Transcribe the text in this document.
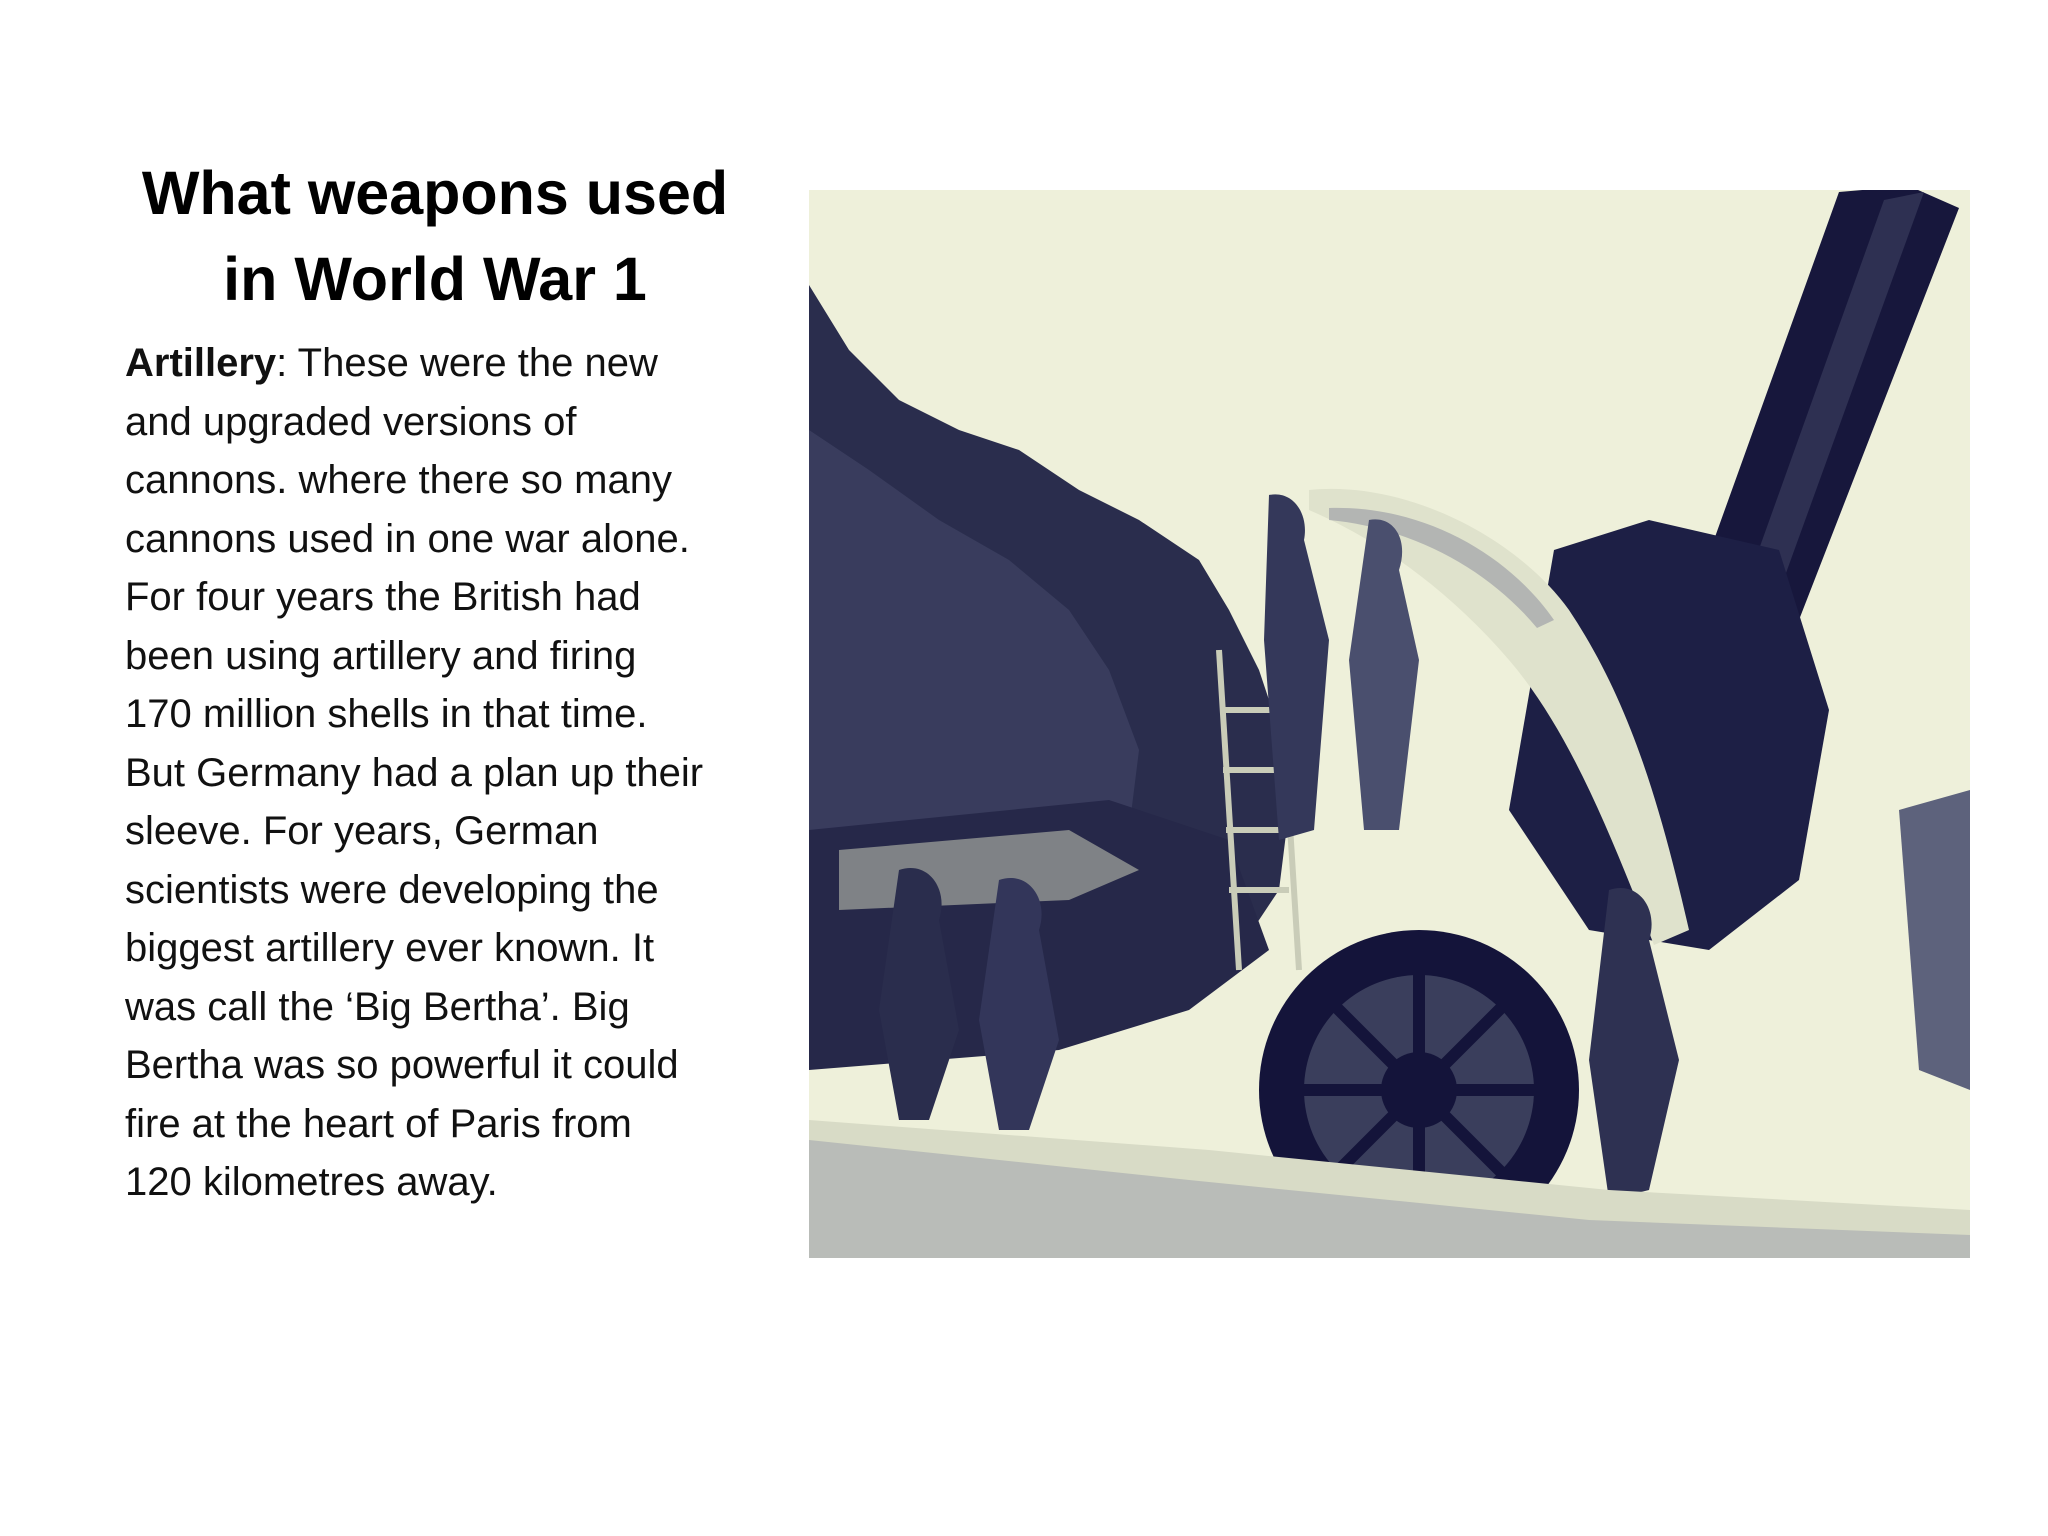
What weapons used
in World War 1

Artillery: These were the new
and upgraded versions of
cannons. where there so many
cannons used in one war alone.
For four years the British had
been using artillery and firing
170 million shells in that time.
But Germany had a plan up their
sleeve. For years, German
scientists were developing the
biggest artillery ever known. It
was call the ‘Big Bertha’. Big
Bertha was so powerful it could
fire at the heart of Paris from
120 kilometres away.
